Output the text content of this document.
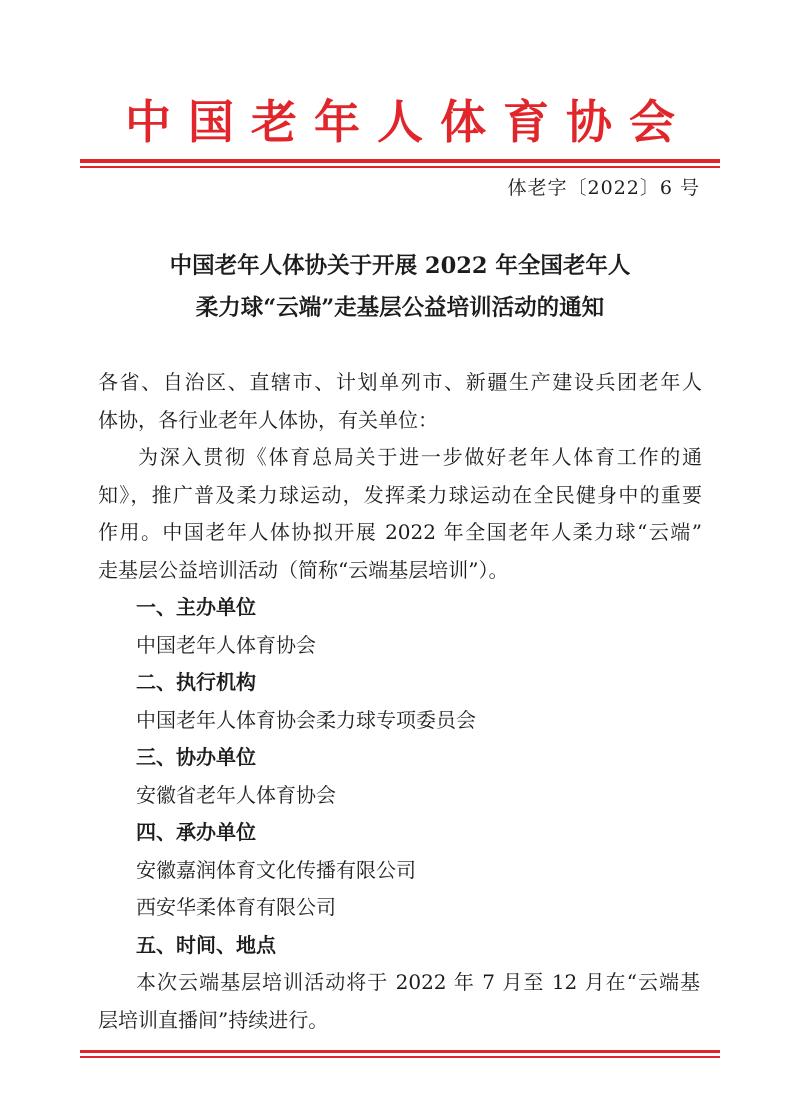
中国老年人体育协会
体老字〔2022〕6 号
中国老年人体协关于开展 2022 年全国老年人
柔力球“云端”走基层公益培训活动的通知
各省、自治区、直辖市、计划单列市、新疆生产建设兵团老年人
体协，各行业老年人体协，有关单位：
为深入贯彻《体育总局关于进一步做好老年人体育工作的通
知》，推广普及柔力球运动，发挥柔力球运动在全民健身中的重要
作用。中国老年人体协拟开展 2022 年全国老年人柔力球“云端”
走基层公益培训活动（简称“云端基层培训”）。
一、主办单位
中国老年人体育协会
二、执行机构
中国老年人体育协会柔力球专项委员会
三、协办单位
安徽省老年人体育协会
四、承办单位
安徽嘉润体育文化传播有限公司
西安华柔体育有限公司
五、时间、地点
本次云端基层培训活动将于 2022 年 7 月至 12 月在“云端基
层培训直播间”持续进行。
